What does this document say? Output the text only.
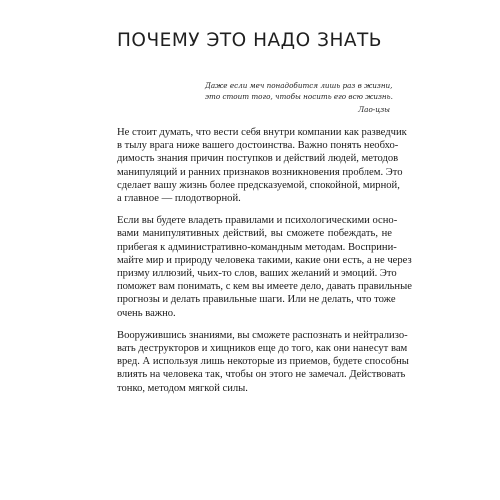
ПОЧЕМУ ЭТО НАДО ЗНАТЬ
Даже если меч понадобится лишь раз в жизни,
это стоит того, чтобы носить его всю жизнь.
Лао-цзы

Не стоит думать, что вести себя внутри компании как разведчик
в тылу врага ниже вашего достоинства. Важно понять необхо-
димость знания причин поступков и действий людей, методов
манипуляций и ранних признаков возникновения проблем. Это
сделает вашу жизнь более предсказуемой, спокойной, мирной,
а главное — плодотворной.

Если вы будете владеть правилами и психологическими осно-
вами манипулятивных действий, вы сможете побеждать, не
прибегая к административно-командным методам. Восприни-
майте мир и природу человека такими, какие они есть, а не через
призму иллюзий, чьих-то слов, ваших желаний и эмоций. Это
поможет вам понимать, с кем вы имеете дело, давать правильные
прогнозы и делать правильные шаги. Или не делать, что тоже
очень важно.

Вооружившись знаниями, вы сможете распознать и нейтрализо-
вать деструкторов и хищников еще до того, как они нанесут вам
вред. А используя лишь некоторые из приемов, будете способны
влиять на человека так, чтобы он этого не замечал. Действовать
тонко, методом мягкой силы.
